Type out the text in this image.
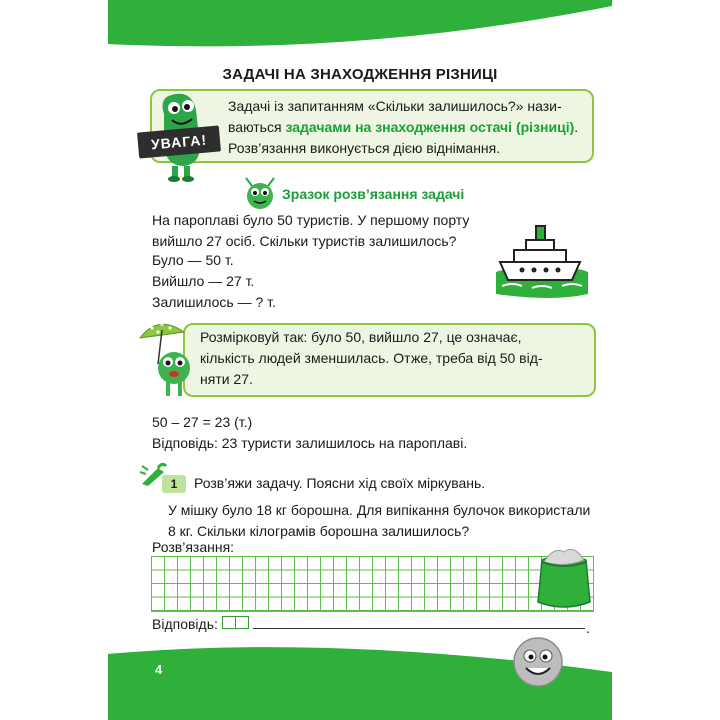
ЗАДАЧІ НА ЗНАХОДЖЕННЯ РІЗНИЦІ
УВАГА!
Задачі із запитанням «Скільки залишилось?» нази-
ваються задачами на знаходження остачі (різниці).
Розв’язання виконується дією віднімання.
Зразок розв’язання задачі
На пароплаві було 50 туристів. У першому порту
вийшло 27 осіб. Скільки туристів залишилось?
Було — 50 т.
Вийшло — 27 т.
Залишилось — ? т.
Розмірковуй так: було 50, вийшло 27, це означає,
кількість людей зменшилась. Отже, треба від 50 від-
няти 27.
50 – 27 = 23 (т.)
Відповідь: 23 туристи залишилось на пароплаві.
1	Розв’яжи задачу. Поясни хід своїх міркувань.
У мішку було 18 кг борошна. Для випікання булочок використали
8 кг. Скільки кілограмів борошна залишилось?
Розв’язання:
Відповідь:	.
4
